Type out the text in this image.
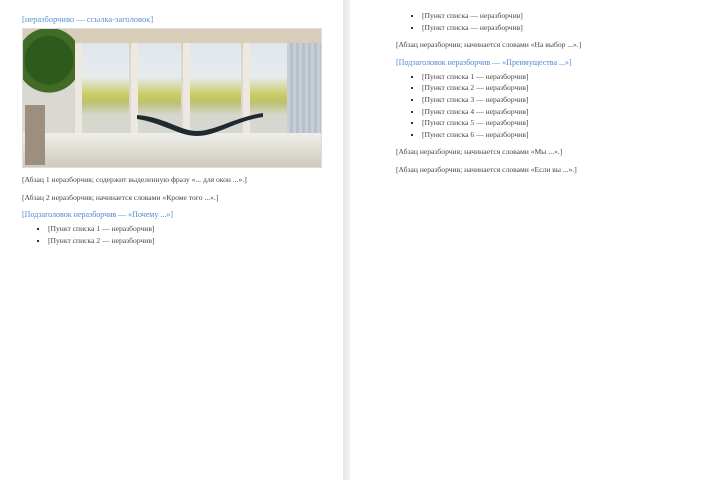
[неразборчиво — ссылка-заголовок]

[Абзац 1 неразборчив; содержит выделенную фразу «... для окон ...».]

[Абзац 2 неразборчив; начинается словами «Кроме того ...».]

[Подзаголовок неразборчив — «Почему ...»]
▪ [Пункт списка 1 — неразборчив]
▪ [Пункт списка 2 — неразборчив]
▪ [Пункт списка — неразборчив]
▪ [Пункт списка — неразборчив]

[Абзац неразборчив; начинается словами «На выбор ...».]

[Подзаголовок неразборчив — «Преимущества ...»]
▪ [Пункт списка 1 — неразборчив]
▪ [Пункт списка 2 — неразборчив]
▪ [Пункт списка 3 — неразборчив]
▪ [Пункт списка 4 — неразборчив]
▪ [Пункт списка 5 — неразборчив]
▪ [Пункт списка 6 — неразборчив]

[Абзац неразборчив; начинается словами «Мы ...».]

[Абзац неразборчив; начинается словами «Если вы ...».]
